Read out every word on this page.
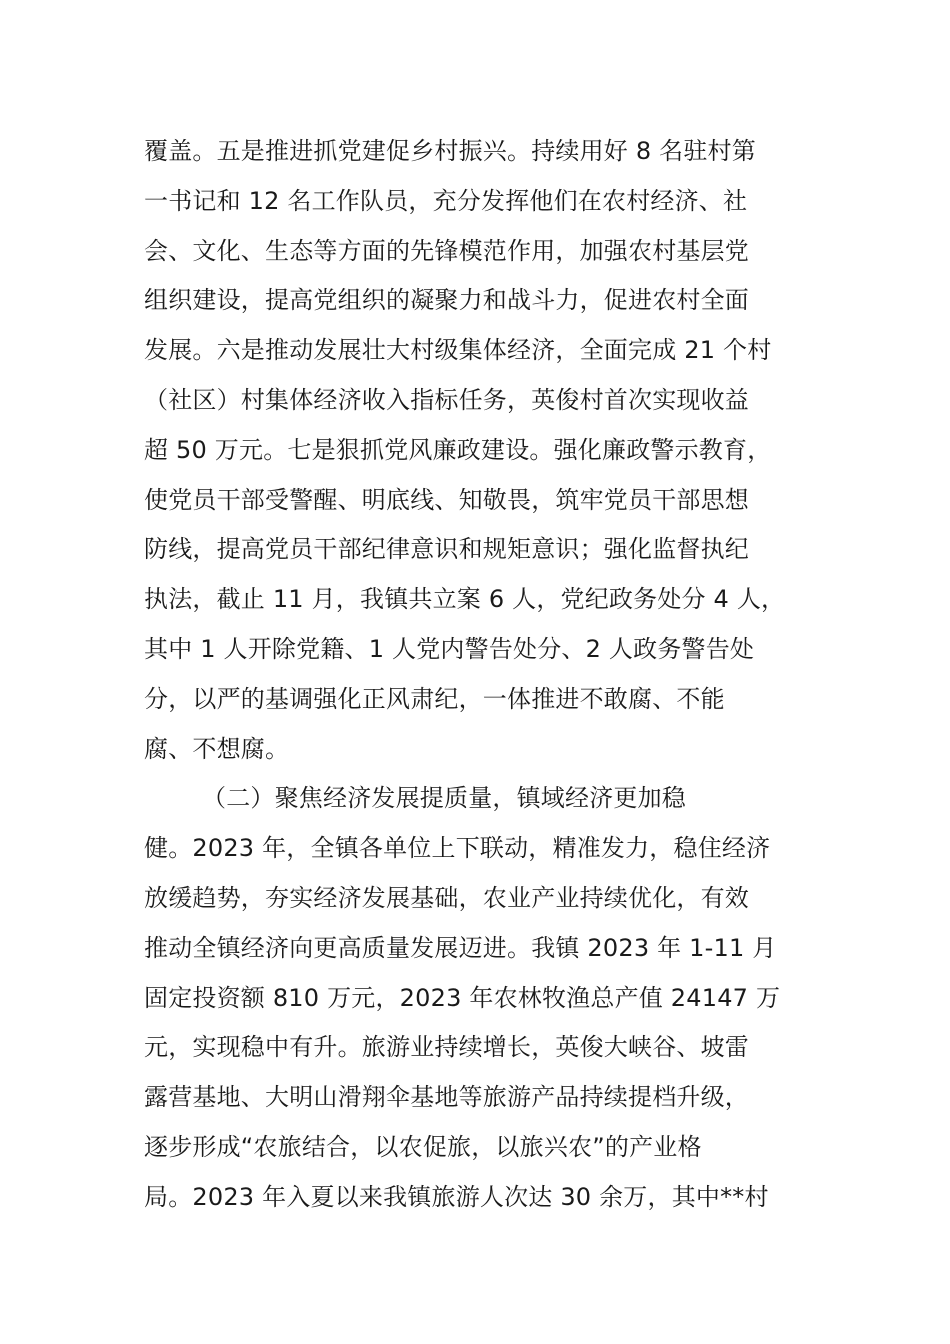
覆盖。五是推进抓党建促乡村振兴。持续用好 8 名驻村第
一书记和 12 名工作队员，充分发挥他们在农村经济、社
会、文化、生态等方面的先锋模范作用，加强农村基层党
组织建设，提高党组织的凝聚力和战斗力，促进农村全面
发展。六是推动发展壮大村级集体经济，全面完成 21 个村
（社区）村集体经济收入指标任务，英俊村首次实现收益
超 50 万元。七是狠抓党风廉政建设。强化廉政警示教育，
使党员干部受警醒、明底线、知敬畏，筑牢党员干部思想
防线，提高党员干部纪律意识和规矩意识；强化监督执纪
执法，截止 11 月，我镇共立案 6 人，党纪政务处分 4 人，
其中 1 人开除党籍、1 人党内警告处分、2 人政务警告处
分，以严的基调强化正风肃纪，一体推进不敢腐、不能
腐、不想腐。
（二）聚焦经济发展提质量，镇域经济更加稳
健。2023 年，全镇各单位上下联动，精准发力，稳住经济
放缓趋势，夯实经济发展基础，农业产业持续优化，有效
推动全镇经济向更高质量发展迈进。我镇 2023 年 1-11 月
固定投资额 810 万元，2023 年农林牧渔总产值 24147 万
元，实现稳中有升。旅游业持续增长，英俊大峡谷、坡雷
露营基地、大明山滑翔伞基地等旅游产品持续提档升级，
逐步形成“农旅结合，以农促旅，以旅兴农”的产业格
局。2023 年入夏以来我镇旅游人次达 30 余万，其中**村
